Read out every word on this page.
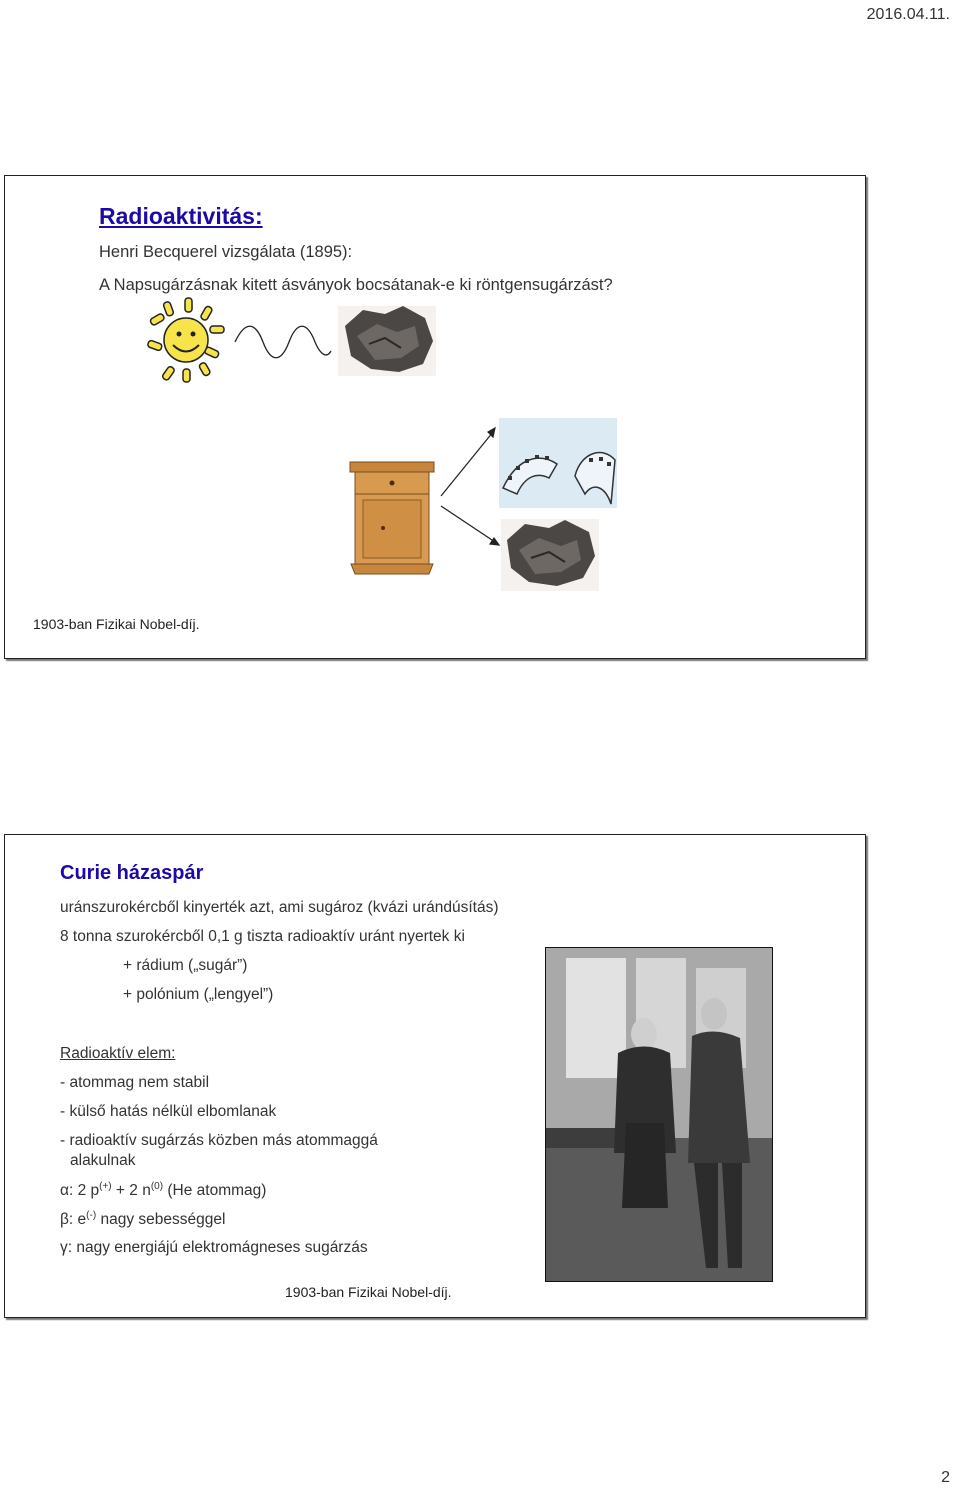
2016.04.11.
Radioaktivitás:
Henri Becquerel vizsgálata (1895):
A Napsugárzásnak kitett ásványok bocsátanak-e ki röntgensugárzást?
1903-ban Fizikai Nobel-díj.
Curie házaspár
uránszurokércből kinyerték azt, ami sugároz (kvázi urándúsítás)
8 tonna szurokércből 0,1 g tiszta radioaktív uránt nyertek ki
+ rádium („sugár”)
+ polónium („lengyel”)
Radioaktív elem:
- atommag nem stabil
- külső hatás nélkül elbomlanak
- radioaktív sugárzás közben más atommaggá
alakulnak
α: 2 p(+) + 2 $n^{(0)}$ (He atommag)
β: e(-) nagy sebességgel
γ: nagy energiájú elektromágneses sugárzás
1903-ban Fizikai Nobel-díj.
2
